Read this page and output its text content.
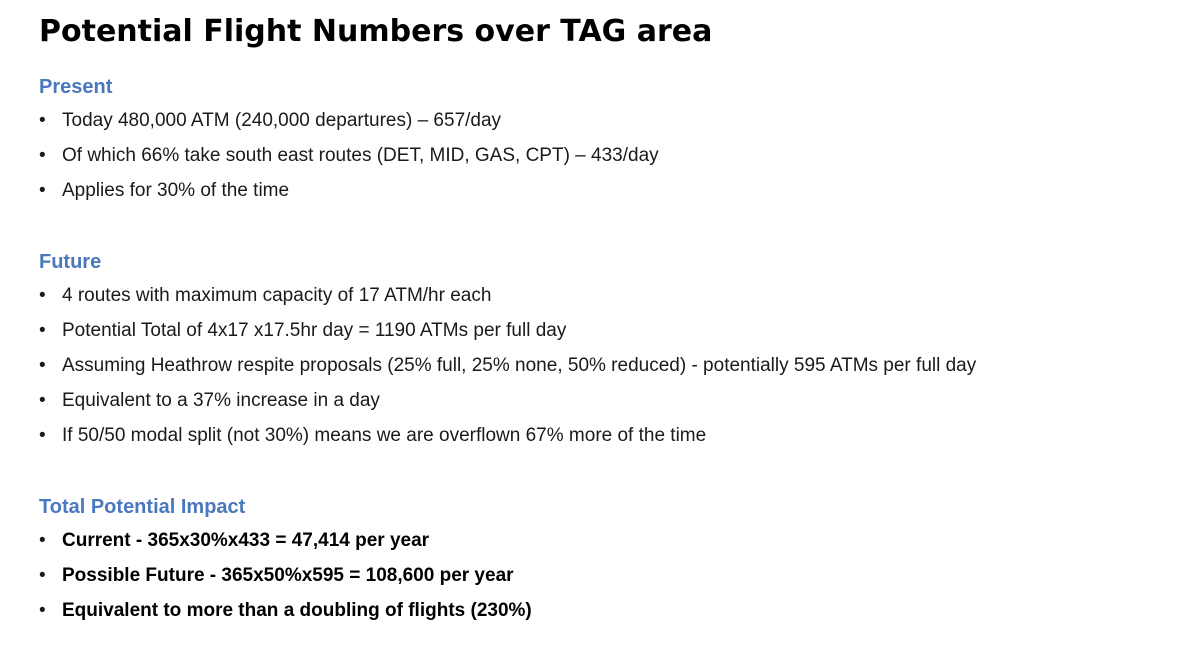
Potential Flight Numbers over TAG area
Present
• Today 480,000 ATM (240,000 departures) – 657/day
• Of which 66% take south east routes (DET, MID, GAS, CPT) – 433/day
• Applies for 30% of the time
Future
• 4 routes with maximum capacity of 17 ATM/hr each
• Potential Total of 4x17 x17.5hr day = 1190 ATMs per full day
• Assuming Heathrow respite proposals (25% full, 25% none, 50% reduced) - potentially 595 ATMs per full day
• Equivalent to a 37% increase in a day
• If 50/50 modal split (not 30%) means we are overflown 67% more of the time
Total Potential Impact
• Current - 365x30%x433 = 47,414 per year
• Possible Future - 365x50%x595 = 108,600 per year
• Equivalent to more than a doubling of flights (230%)
